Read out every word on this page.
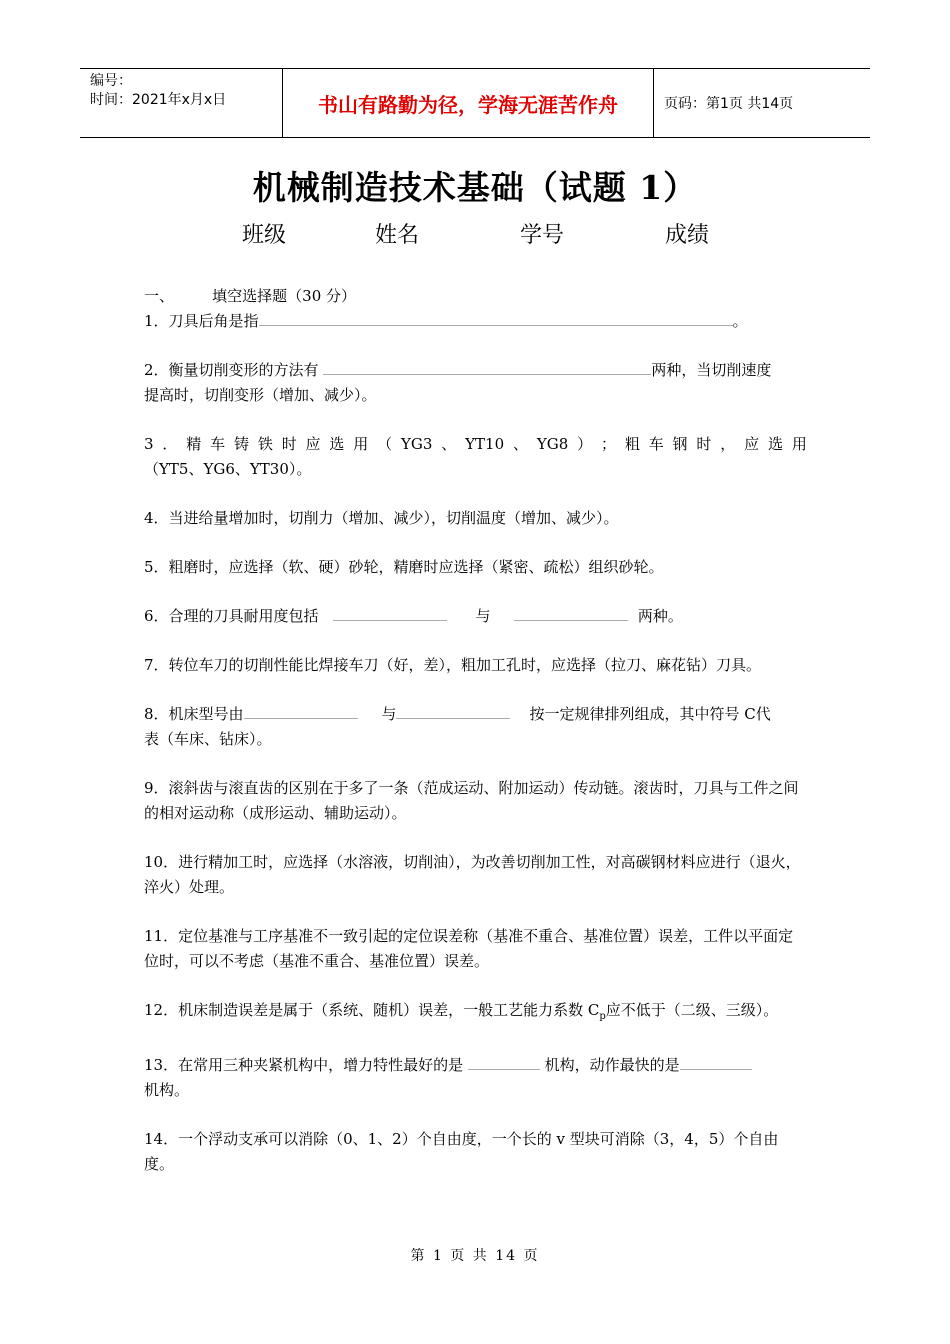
编号：
时间：2021年x月x日	书山有路勤为径，学海无涯苦作舟	页码：第1页 共14页
机械制造技术基础（试题 1）
班级	姓名	学号	成绩

一、        填空选择题（30 分）

1．刀具后角是指	。

2．衡量切削变形的方法有	两种，当切削速度
提高时，切削变形（增加、减少）。

3 ． 精 车 铸 铁 时 应 选 用 （ YG3 、 YT10 、 YG8 ） ； 粗 车 钢 时 ， 应 选 用
（YT5、YG6、YT30）。

4．当进给量增加时，切削力（增加、减少），切削温度（增加、减少）。

5．粗磨时，应选择（软、硬）砂轮，精磨时应选择（紧密、疏松）组织砂轮。

6．合理的刀具耐用度包括	与	两种。

7．转位车刀的切削性能比焊接车刀（好，差），粗加工孔时，应选择（拉刀、麻花钻）刀具。

8．机床型号由	与	按一定规律排列组成，其中符号 C代
表（车床、钻床）。

9．滚斜齿与滚直齿的区别在于多了一条（范成运动、附加运动）传动链。滚齿时，刀具与工件之间的相对运动称（成形运动、辅助运动）。

10．进行精加工时，应选择（水溶液，切削油），为改善切削加工性，对高碳钢材料应进行（退火，淬火）处理。

11．定位基准与工序基准不一致引起的定位误差称（基准不重合、基准位置）误差，工件以平面定位时，可以不考虑（基准不重合、基准位置）误差。

12．机床制造误差是属于（系统、随机）误差，一般工艺能力系数 $C_p$应不低于（二级、三级）。

13．在常用三种夹紧机构中，增力特性最好的是	机构，动作最快的是
机构。

14．一个浮动支承可以消除（0、1、2）个自由度，一个长的 v 型块可消除（3，4，5）个自由度。

第 1 页 共 14 页
